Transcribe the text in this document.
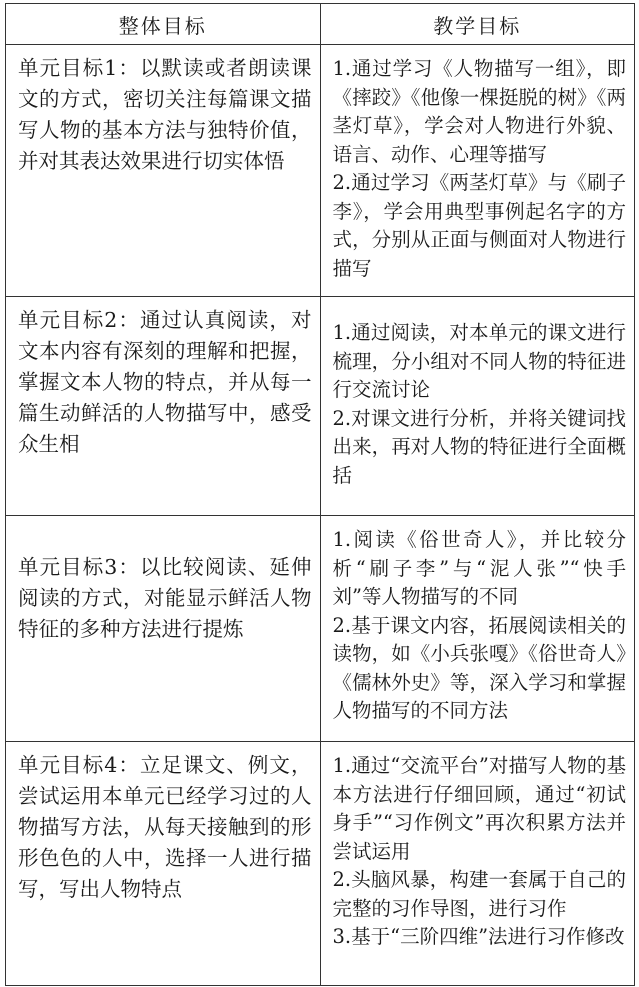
整体目标	教学目标
单元目标1：以默读或者朗读课文的方式，密切关注每篇课文描写人物的基本方法与独特价值，并对其表达效果进行切实体悟	1.通过学习《人物描写一组》，即《摔跤》《他像一棵挺脱的树》《两茎灯草》，学会对人物进行外貌、语言、动作、心理等描写

2.通过学习《两茎灯草》与《刷子李》，学会用典型事例起名字的方式，分别从正面与侧面对人物进行描写

单元目标2：通过认真阅读，对文本内容有深刻的理解和把握，掌握文本人物的特点，并从每一篇生动鲜活的人物描写中，感受众生相	1.通过阅读，对本单元的课文进行梳理，分小组对不同人物的特征进行交流讨论

2.对课文进行分析，并将关键词找出来，再对人物的特征进行全面概括

单元目标3：以比较阅读、延伸阅读的方式，对能显示鲜活人物特征的多种方法进行提炼	1.阅读《俗世奇人》，并比较分析“刷子李”与“泥人张”“快手刘”等人物描写的不同

2.基于课文内容，拓展阅读相关的读物，如《小兵张嘎》《俗世奇人》《儒林外史》等，深入学习和掌握人物描写的不同方法

单元目标4：立足课文、例文，尝试运用本单元已经学习过的人物描写方法，从每天接触到的形形色色的人中，选择一人进行描写，写出人物特点	1.通过“交流平台”对描写人物的基本方法进行仔细回顾，通过“初试身手”“习作例文”再次积累方法并尝试运用

2.头脑风暴，构建一套属于自己的完整的习作导图，进行习作

3.基于“三阶四维”法进行习作修改
